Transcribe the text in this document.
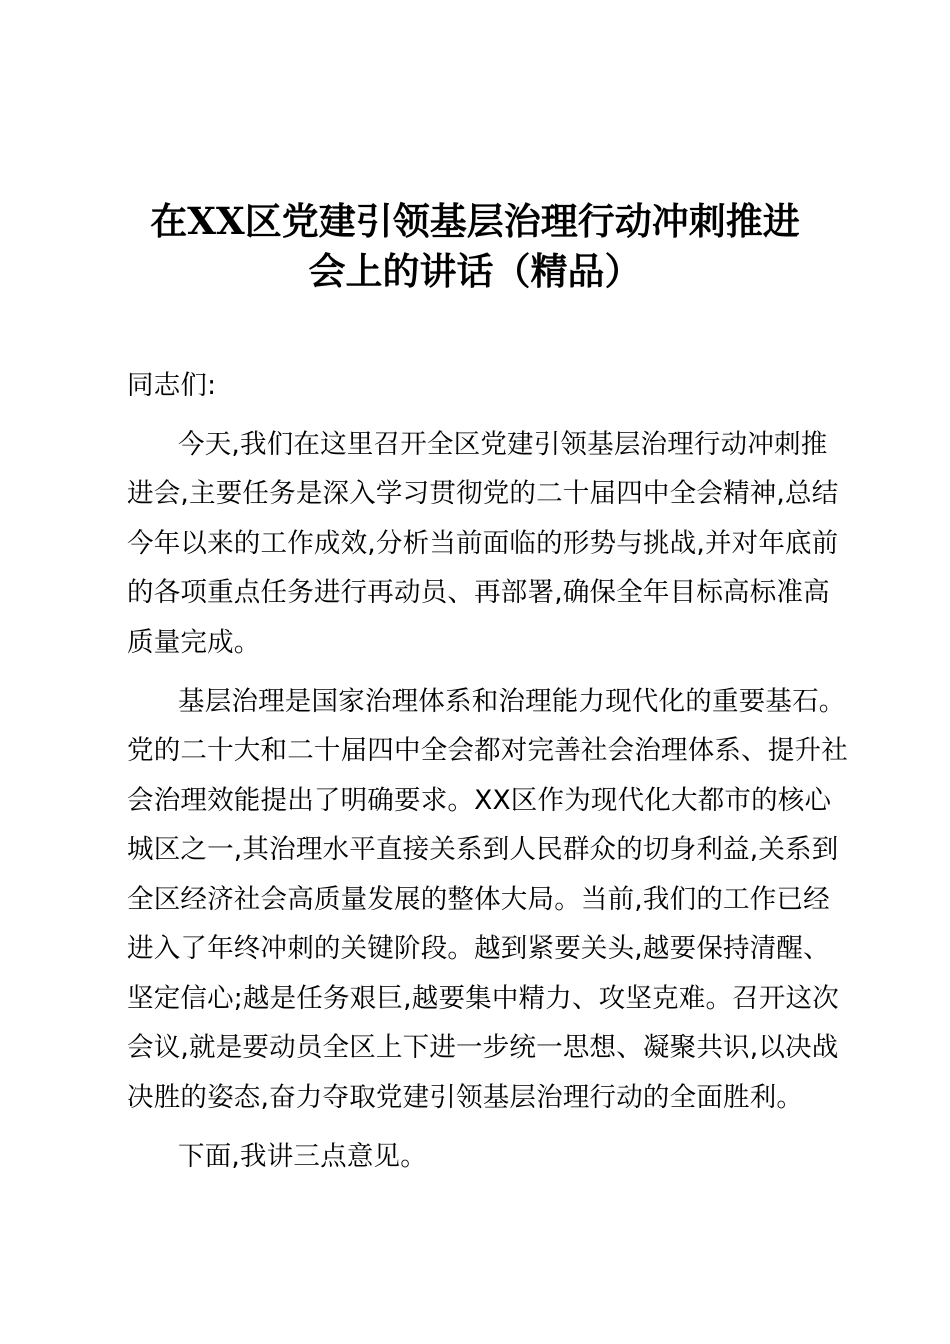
在XX区党建引领基层治理行动冲刺推进
会上的讲话（精品）
同志们:
今天,我们在这里召开全区党建引领基层治理行动冲刺推
进会,主要任务是深入学习贯彻党的二十届四中全会精神,总结
今年以来的工作成效,分析当前面临的形势与挑战,并对年底前
的各项重点任务进行再动员、再部署,确保全年目标高标准高
质量完成。
基层治理是国家治理体系和治理能力现代化的重要基石。
党的二十大和二十届四中全会都对完善社会治理体系、提升社
会治理效能提出了明确要求。XX区作为现代化大都市的核心
城区之一,其治理水平直接关系到人民群众的切身利益,关系到
全区经济社会高质量发展的整体大局。当前,我们的工作已经
进入了年终冲刺的关键阶段。越到紧要关头,越要保持清醒、
坚定信心;越是任务艰巨,越要集中精力、攻坚克难。召开这次
会议,就是要动员全区上下进一步统一思想、凝聚共识,以决战
决胜的姿态,奋力夺取党建引领基层治理行动的全面胜利。
下面,我讲三点意见。
